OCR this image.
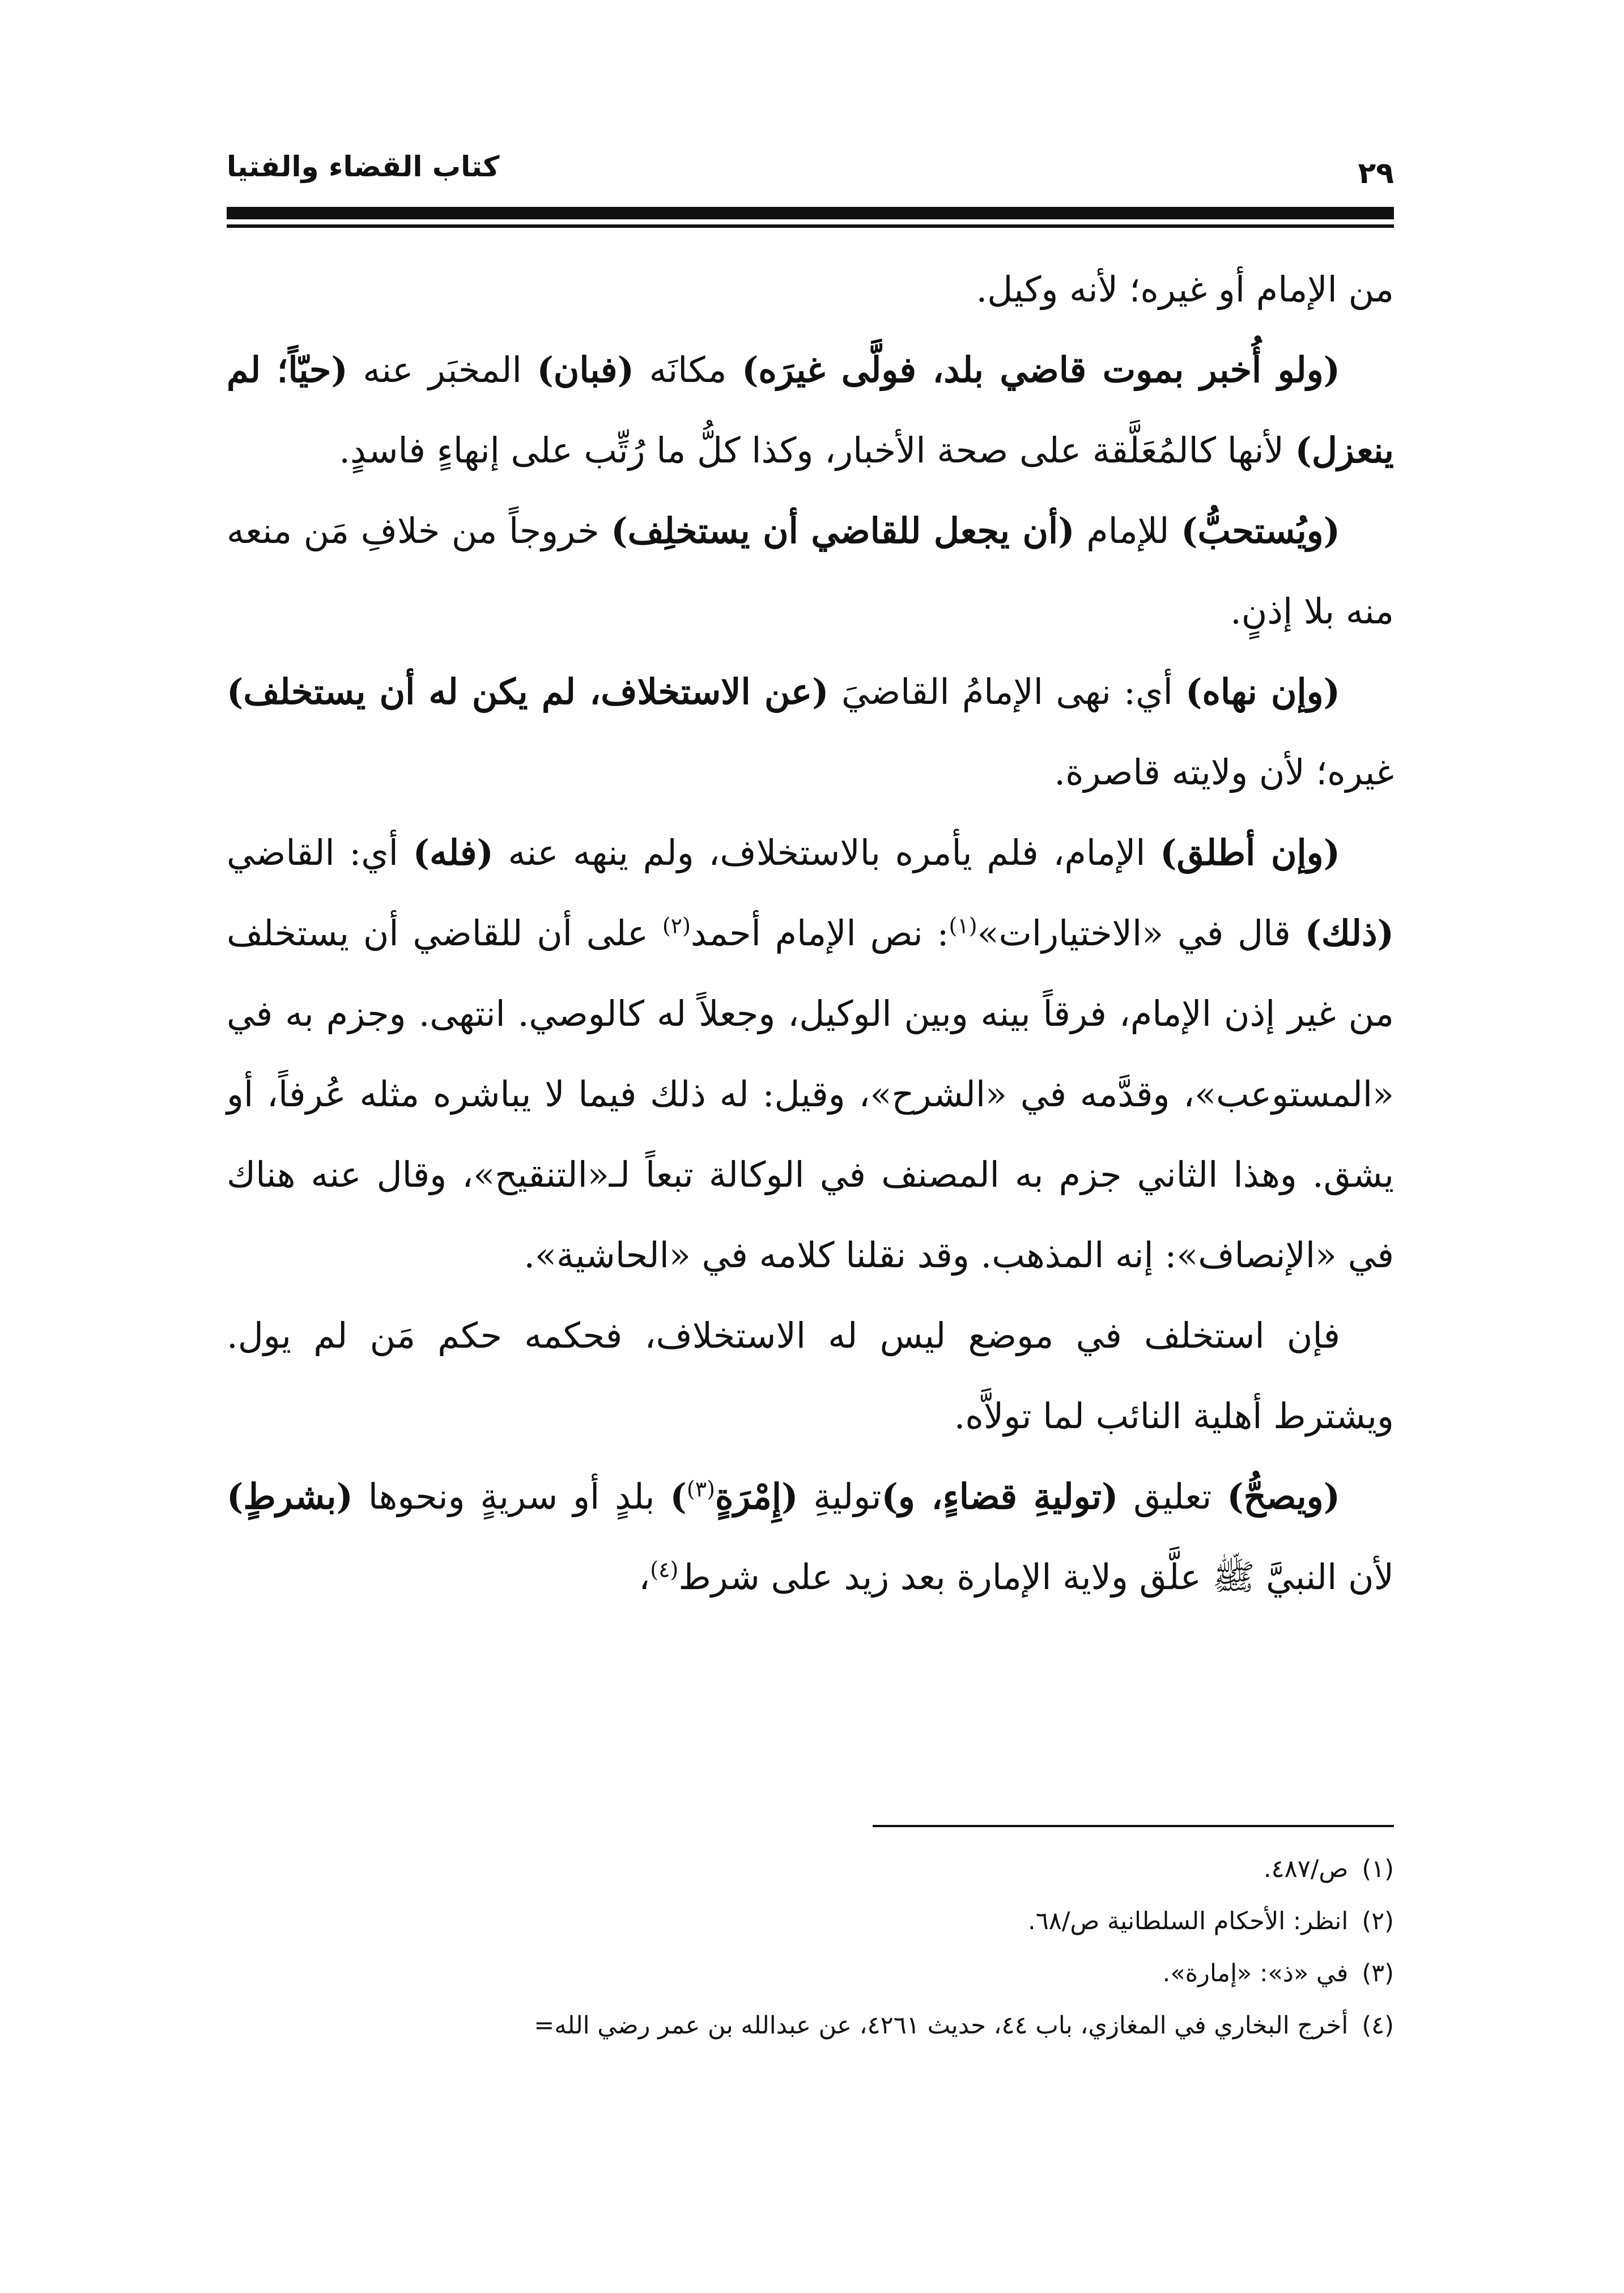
كتاب القضاء والفتيا	٢٩

من الإمام أو غيره؛ لأنه وكيل.

(ولو أُخبر بموت قاضي بلد، فولَّى غيرَه) مكانَه (فبان) المخبَر عنه (حيّاً؛ لم ينعزل) لأنها كالمُعَلَّقة على صحة الأخبار، وكذا كلُّ ما رُتِّب على إنهاءٍ فاسدٍ.

(ويُستحبُّ) للإمام (أن يجعل للقاضي أن يستخلِف) خروجاً من خلافِ مَن منعه منه بلا إذنٍ.

(وإن نهاه) أي: نهى الإمامُ القاضيَ (عن الاستخلاف، لم يكن له أن يستخلف) غيره؛ لأن ولايته قاصرة.

(وإن أطلق) الإمام، فلم يأمره بالاستخلاف، ولم ينهه عنه (فله) أي: القاضي (ذلك) قال في «الاختيارات»$^{(١)}$: نص الإمام أحمد$^{(٢)}$ على أن للقاضي أن يستخلف من غير إذن الإمام، فرقاً بينه وبين الوكيل، وجعلاً له كالوصي. انتهى. وجزم به في «المستوعب»، وقدَّمه في «الشرح»، وقيل: له ذلك فيما لا يباشره مثله عُرفاً، أو يشق. وهذا الثاني جزم به المصنف في الوكالة تبعاً لـ«التنقيح»، وقال عنه هناك في «الإنصاف»: إنه المذهب. وقد نقلنا كلامه في «الحاشية».

فإن استخلف في موضع ليس له الاستخلاف، فحكمه حكم مَن لم يول. ويشترط أهلية النائب لما تولاَّه.

(ويصحُّ) تعليق (توليةِ قضاءٍ، و)توليةِ (إِمْرَةٍ$^{(٣)}$) بلدٍ أو سريةٍ ونحوها (بشرطٍ) لأن النبيَّ ﷺ علَّق ولاية الإمارة بعد زيد على شرط$^{(٤)}$،

(١)ص/٤٨٧.

(٢)انظر: الأحكام السلطانية ص/٦٨.

(٣)في «ذ»: «إمارة».

(٤)أخرج البخاري في المغازي، باب ٤٤، حديث ٤٢٦١، عن عبدالله بن عمر رضي الله=
